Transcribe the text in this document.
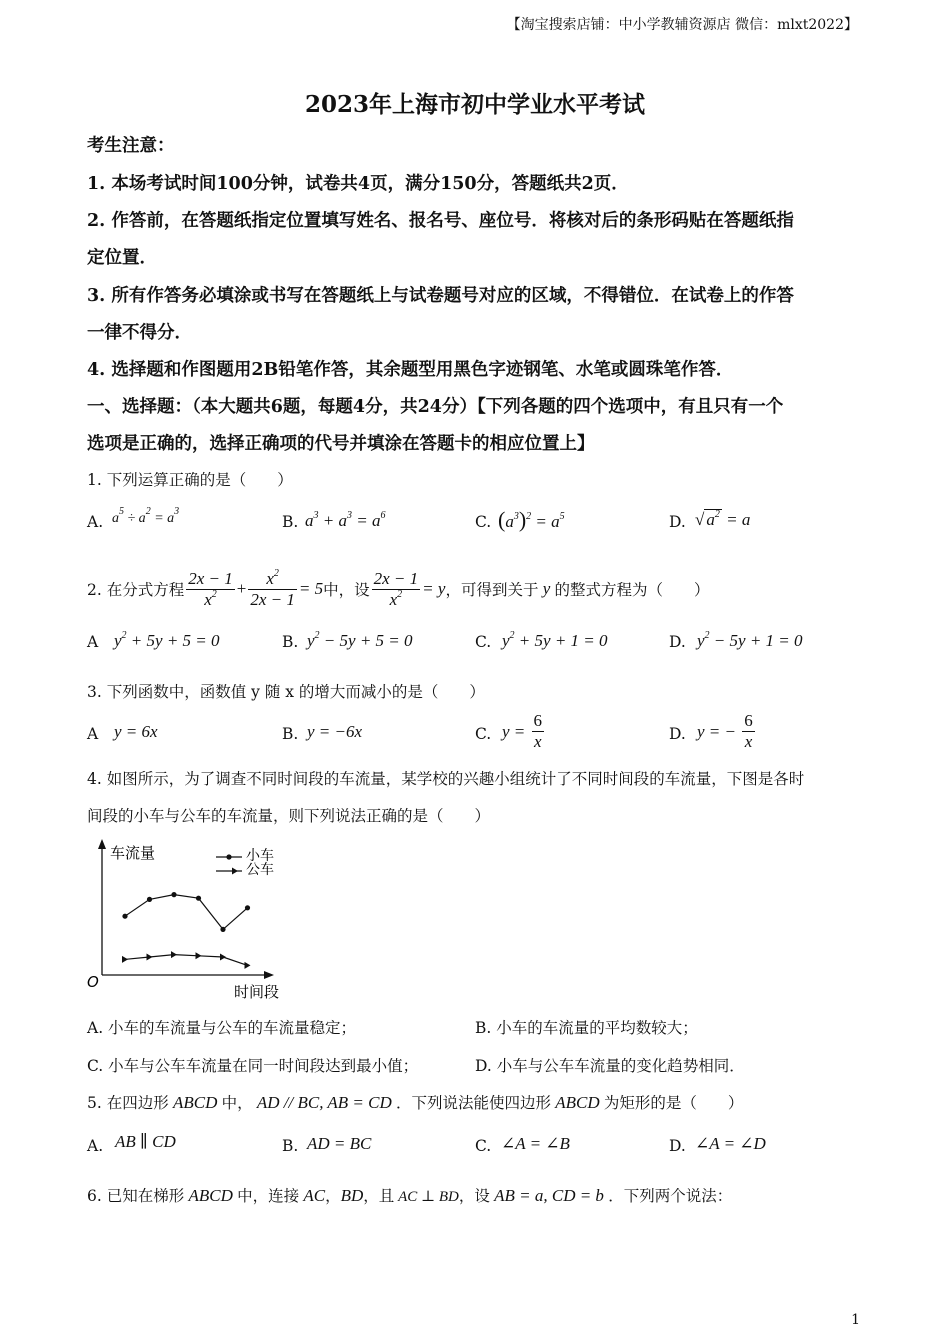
【淘宝搜索店铺：中小学教辅资源店 微信：mlxt2022】
2023年上海市初中学业水平考试
考生注意：
1. 本场考试时间100分钟，试卷共4页，满分150分，答题纸共2页．
2. 作答前，在答题纸指定位置填写姓名、报名号、座位号．将核对后的条形码贴在答题纸指
定位置．
3. 所有作答务必填涂或书写在答题纸上与试卷题号对应的区域，不得错位．在试卷上的作答
一律不得分．
4. 选择题和作图题用2B铅笔作答，其余题型用黑色字迹钢笔、水笔或圆珠笔作答．
一、选择题：（本大题共6题，每题4分，共24分）【下列各题的四个选项中，有且只有一个
选项是正确的，选择正确项的代号并填涂在答题卡的相应位置上】
1. 下列运算正确的是（　　）
A. $a^5 \div a^2 = a^3$
B. $a^3 + a^3 = a^6$	C. $(a^3)^2 = a^5$	D. √ $a^2 = a$
2. 在分式方程 $\frac{2x - 1}{x^2} + \frac{x^2}{2x - 1} = 5$ 中，设 $\frac{2x - 1}{x^2} = y$ ，可得到关于 y 的整式方程为（　　）
A $y^2 + 5y + 5 = 0$	B. $y^2 - 5y + 5 = 0$	C. $y^2 + 5y + 1 = 0$	D. $y^2 - 5y + 1 = 0$
3. 下列函数中，函数值 y 随 x 的增大而减小的是（　　）
A y = 6x	B. y = −6x	C. $y = \frac{6}{x}$	D. y = − $\frac{6}{x}$
4. 如图所示，为了调查不同时间段的车流量，某学校的兴趣小组统计了不同时间段的车流量，下图是各时
间段的小车与公车的车流量，则下列说法正确的是（　　）
车流量
时间段
O
小车
公车
A. 小车的车流量与公车的车流量稳定；	B. 小车的车流量的平均数较大；
C. 小车与公车车流量在同一时间段达到最小值；	D. 小车与公车车流量的变化趋势相同．
5. 在四边形 ABCD 中， AD // BC, AB = CD ．下列说法能使四边形 ABCD 为矩形的是（　　）
A. AB ∥ CD	B. AD = BC	C. ∠A = ∠B	D. ∠A = ∠D
6. 已知在梯形 ABCD 中，连接 AC，BD，且 AC ⊥ BD，设 AB = a, CD = b ．下列两个说法：
1
